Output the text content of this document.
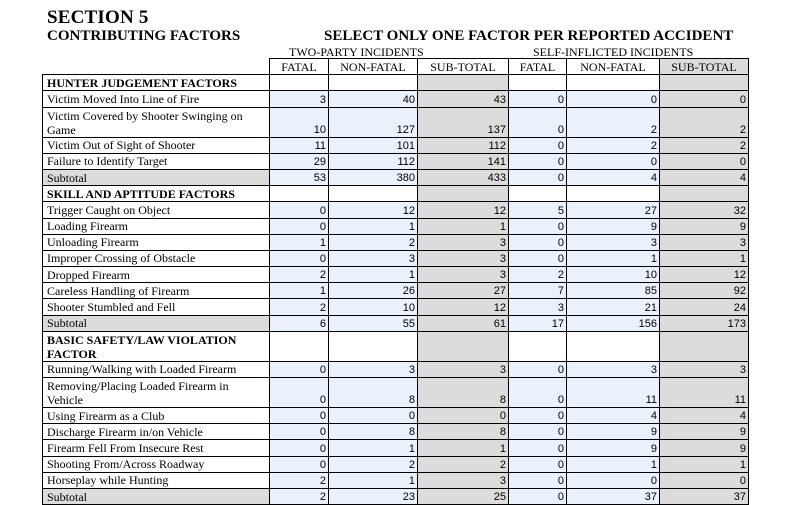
SECTION 5
CONTRIBUTING FACTORS	SELECT ONLY ONE FACTOR PER REPORTED ACCIDENT
TWO-PARTY INCIDENTS	SELF-INFLICTED INCIDENTS
	FATAL	NON-FATAL	SUB-TOTAL	FATAL	NON-FATAL	SUB-TOTAL
HUNTER JUDGEMENT FACTORS						
Victim Moved Into Line of Fire	3	40	43	0	0	0
Victim Covered by Shooter Swinging on
Game	10	127	137	0	2	2
Victim Out of Sight of Shooter	11	101	112	0	2	2
Failure to Identify Target	29	112	141	0	0	0
Subtotal	53	380	433	0	4	4
SKILL AND APTITUDE FACTORS						
Trigger Caught on Object	0	12	12	5	27	32
Loading Firearm	0	1	1	0	9	9
Unloading Firearm	1	2	3	0	3	3
Improper Crossing of Obstacle	0	3	3	0	1	1
Dropped Firearm	2	1	3	2	10	12
Careless Handling of Firearm	1	26	27	7	85	92
Shooter Stumbled and Fell	2	10	12	3	21	24
Subtotal	6	55	61	17	156	173
BASIC SAFETY/LAW VIOLATION
FACTOR						
Running/Walking with Loaded Firearm	0	3	3	0	3	3
Removing/Placing Loaded Firearm in
Vehicle	0	8	8	0	11	11
Using Firearm as a Club	0	0	0	0	4	4
Discharge Firearm in/on Vehicle	0	8	8	0	9	9
Firearm Fell From Insecure Rest	0	1	1	0	9	9
Shooting From/Across Roadway	0	2	2	0	1	1
Horseplay while Hunting	2	1	3	0	0	0
Subtotal	2	23	25	0	37	37
